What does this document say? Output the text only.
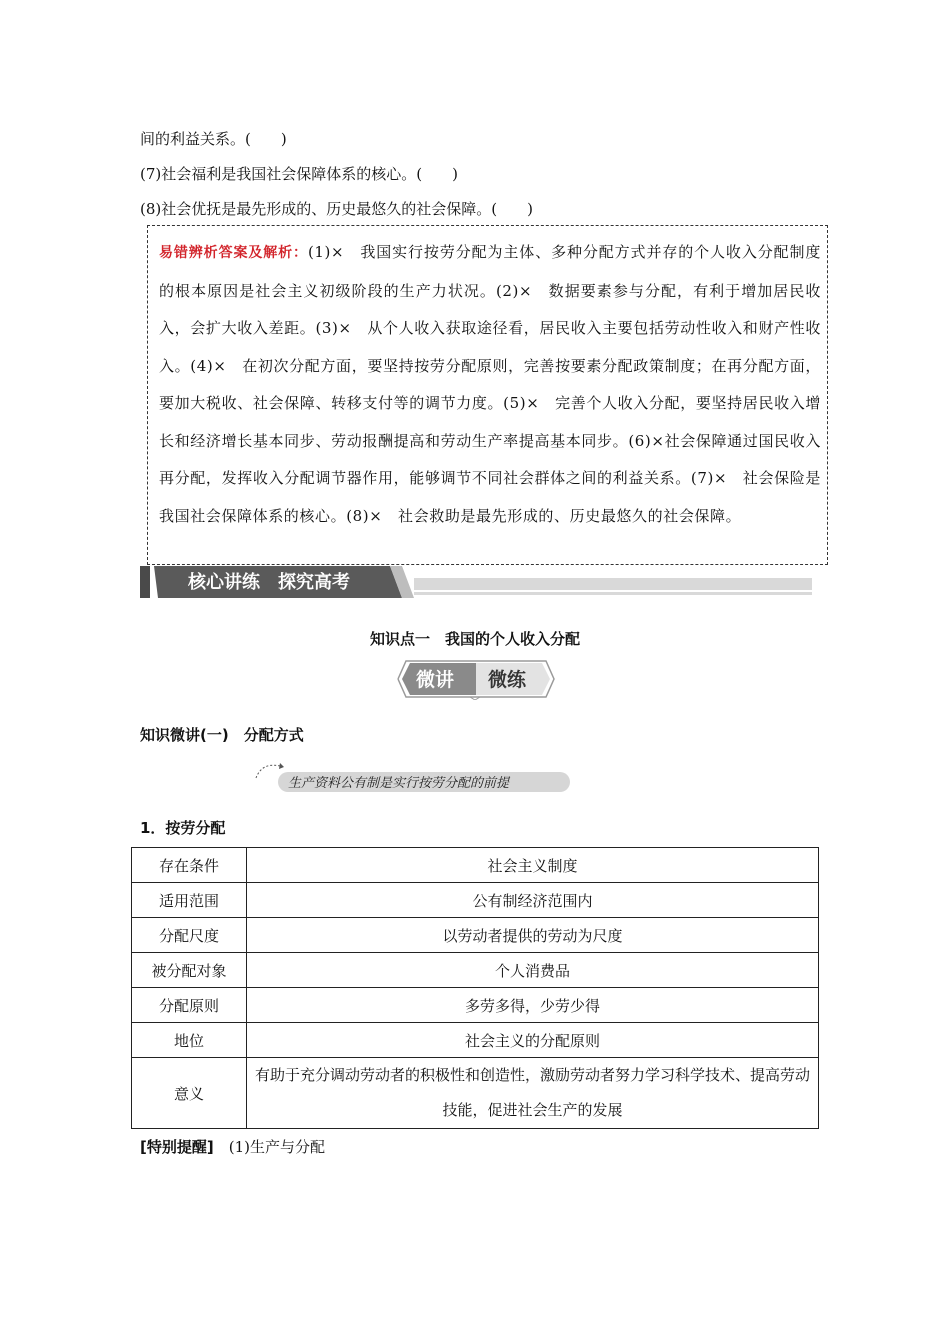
间的利益关系。(　　)
(7)社会福利是我国社会保障体系的核心。(　　)
(8)社会优抚是最先形成的、历史最悠久的社会保障。(　　)
易错辨析答案及解析：(1)×　我国实行按劳分配为主体、多种分配方式并存的个人收入分配制度的根本原因是社会主义初级阶段的生产力状况。(2)×　数据要素参与分配，有利于增加居民收入，会扩大收入差距。(3)×　从个人收入获取途径看，居民收入主要包括劳动性收入和财产性收入。(4)×　在初次分配方面，要坚持按劳分配原则，完善按要素分配政策制度；在再分配方面，要加大税收、社会保障、转移支付等的调节力度。(5)×　完善个人收入分配，要坚持居民收入增长和经济增长基本同步、劳动报酬提高和劳动生产率提高基本同步。(6)×社会保障通过国民收入再分配，发挥收入分配调节器作用，能够调节不同社会群体之间的利益关系。(7)×　社会保险是我国社会保障体系的核心。(8)×　社会救助是最先形成的、历史最悠久的社会保障。
核心讲练　探究高考
知识点一　我国的个人收入分配
微讲 微练
知识微讲(一)　分配方式
生产资料公有制是实行按劳分配的前提
1．按劳分配
存在条件	社会主义制度
适用范围	公有制经济范围内
分配尺度	以劳动者提供的劳动为尺度
被分配对象	个人消费品
分配原则	多劳多得，少劳少得
地位	社会主义的分配原则
意义	有助于充分调动劳动者的积极性和创造性，激励劳动者努力学习科学技术、提高劳动技能，促进社会生产的发展
[特别提醒]　(1)生产与分配
